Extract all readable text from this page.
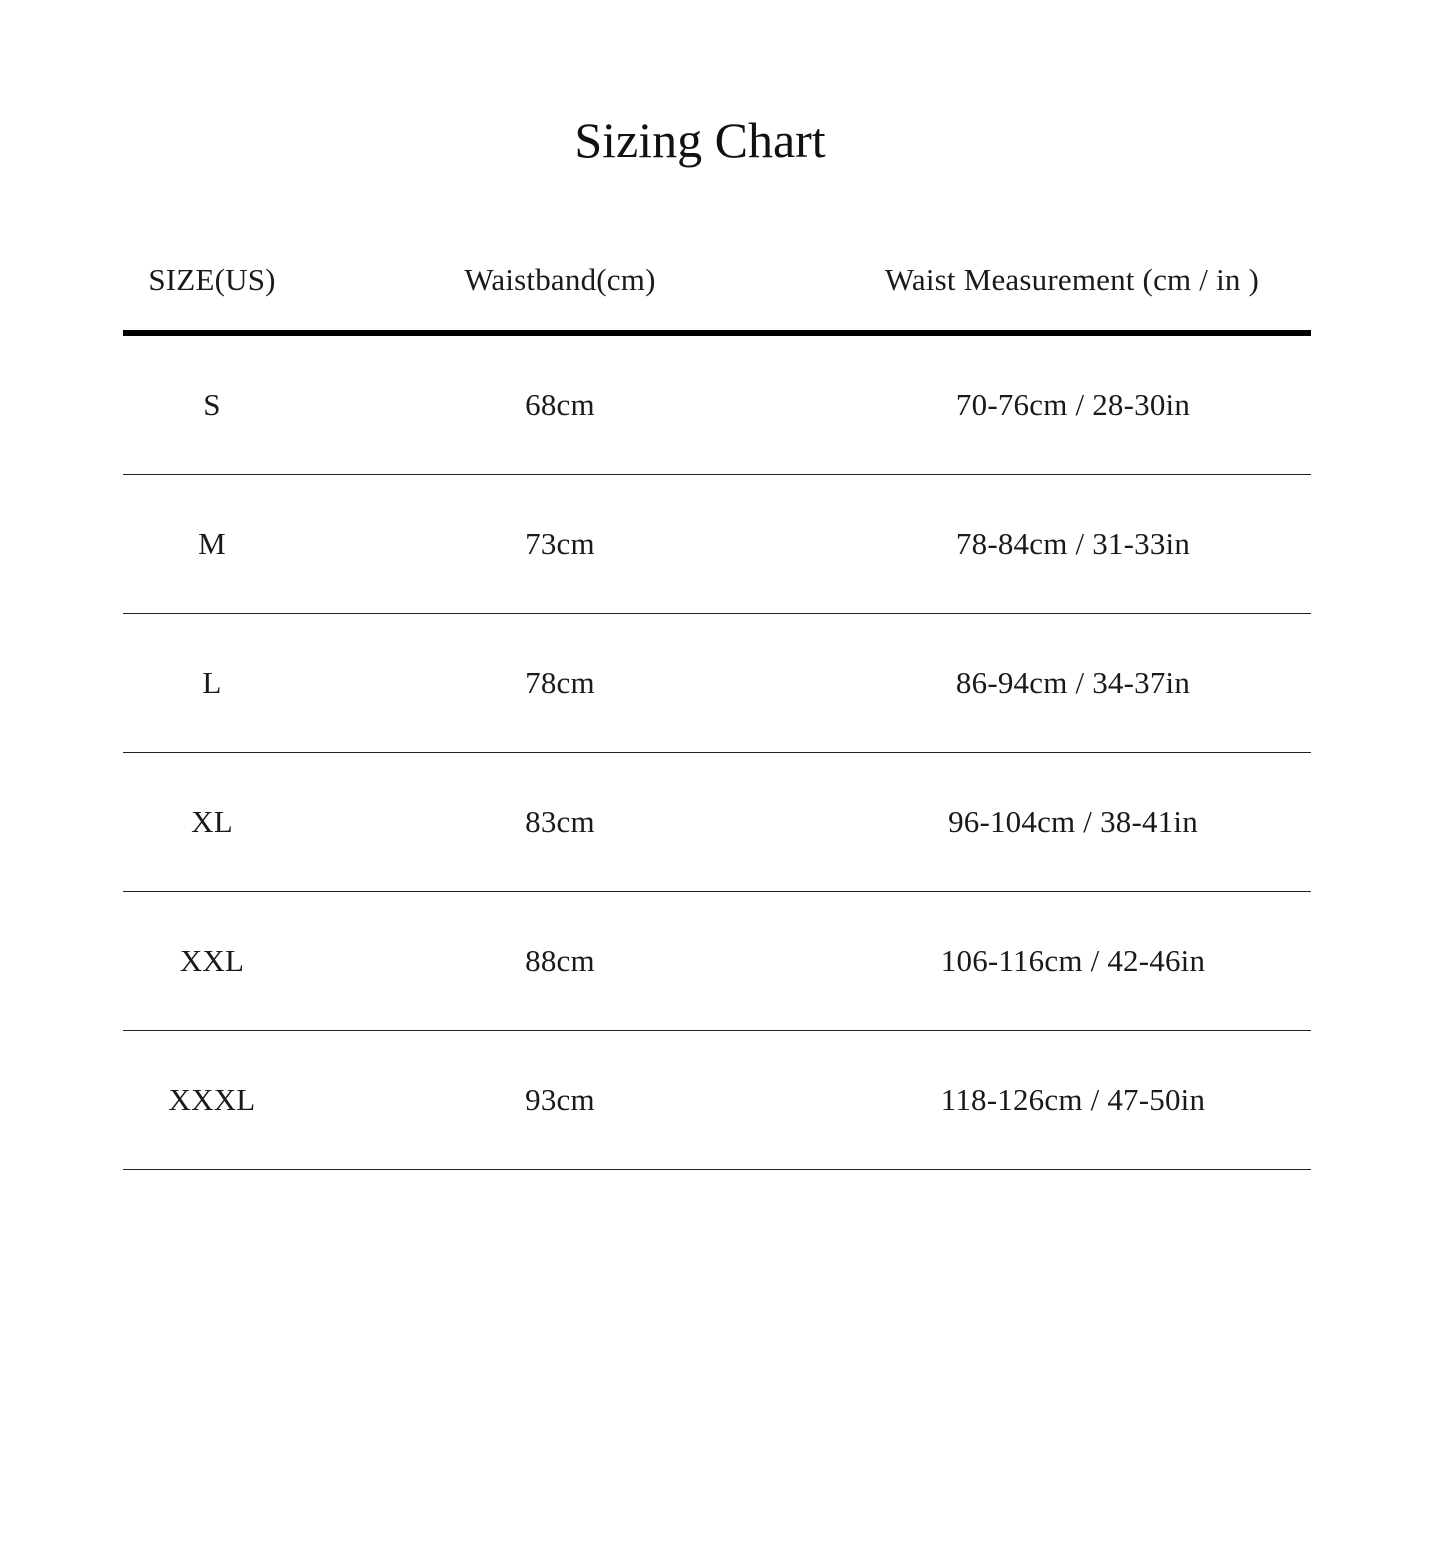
Sizing Chart
SIZE(US)	Waistband(cm)	Waist Measurement (cm / in )
S	68cm	70-76cm / 28-30in
M	73cm	78-84cm / 31-33in
L	78cm	86-94cm / 34-37in
XL	83cm	96-104cm / 38-41in
XXL	88cm	106-116cm / 42-46in
XXXL	93cm	118-126cm / 47-50in
